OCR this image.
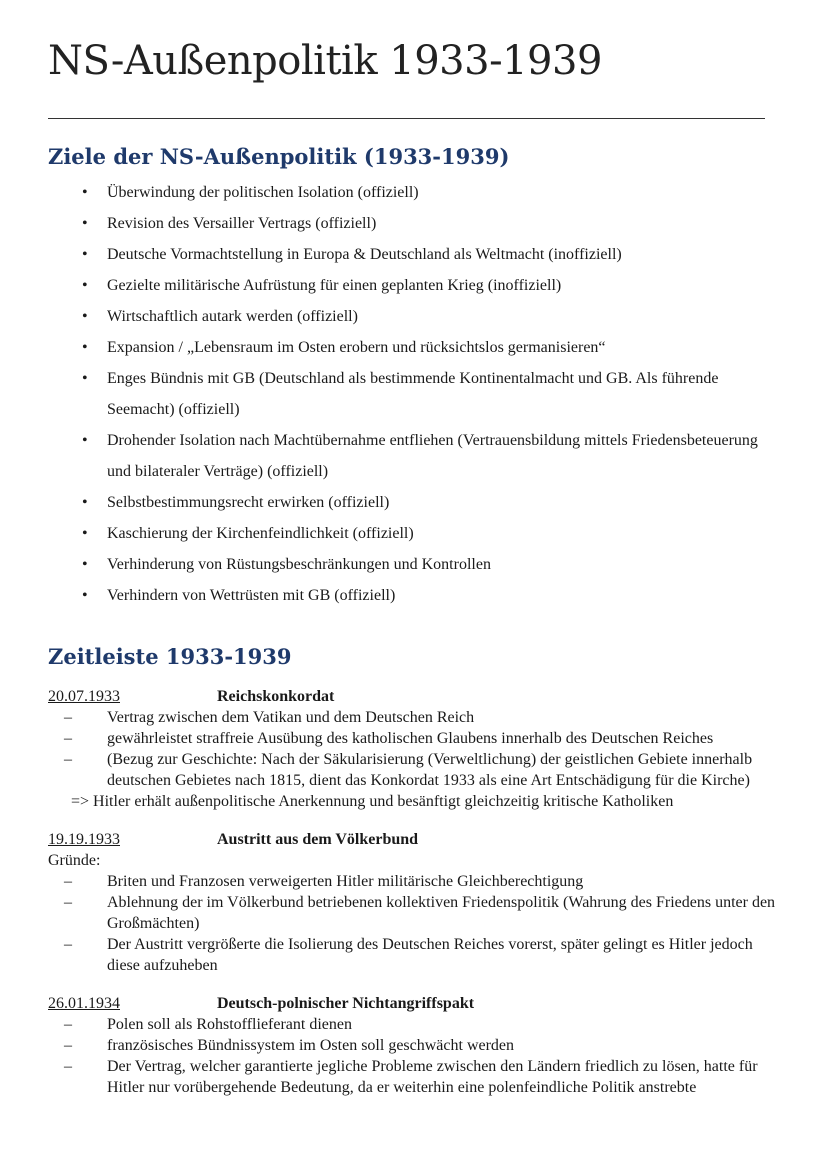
NS-Außenpolitik 1933-1939
Ziele der NS-Außenpolitik (1933-1939)
• Überwindung der politischen Isolation (offiziell)
• Revision des Versailler Vertrags (offiziell)
• Deutsche Vormachtstellung in Europa & Deutschland als Weltmacht (inoffiziell)
• Gezielte militärische Aufrüstung für einen geplanten Krieg (inoffiziell)
• Wirtschaftlich autark werden (offiziell)
• Expansion / „Lebensraum im Osten erobern und rücksichtslos germanisieren“
• Enges Bündnis mit GB (Deutschland als bestimmende Kontinentalmacht und GB. Als führende Seemacht) (offiziell)
• Drohender Isolation nach Machtübernahme entfliehen (Vertrauensbildung mittels Friedensbeteuerung und bilateraler Verträge) (offiziell)
• Selbstbestimmungsrecht erwirken (offiziell)
• Kaschierung der Kirchenfeindlichkeit (offiziell)
• Verhinderung von Rüstungsbeschränkungen und Kontrollen
• Verhindern von Wettrüsten mit GB (offiziell)
Zeitleiste 1933-1939
20.07.1933	Reichskonkordat
– Vertrag zwischen dem Vatikan und dem Deutschen Reich
– gewährleistet straffreie Ausübung des katholischen Glaubens innerhalb des Deutschen Reiches
– (Bezug zur Geschichte: Nach der Säkularisierung (Verweltlichung) der geistlichen Gebiete innerhalb deutschen Gebietes nach 1815, dient das Konkordat 1933 als eine Art Entschädigung für die Kirche)
=> Hitler erhält außenpolitische Anerkennung und besänftigt gleichzeitig kritische Katholiken
19.19.1933	Austritt aus dem Völkerbund
Gründe:
– Briten und Franzosen verweigerten Hitler militärische Gleichberechtigung
– Ablehnung der im Völkerbund betriebenen kollektiven Friedenspolitik (Wahrung des Friedens unter den Großmächten)
– Der Austritt vergrößerte die Isolierung des Deutschen Reiches vorerst, später gelingt es Hitler jedoch diese aufzuheben
26.01.1934	Deutsch-polnischer Nichtangriffspakt
– Polen soll als Rohstofflieferant dienen
– französisches Bündnissystem im Osten soll geschwächt werden
– Der Vertrag, welcher garantierte jegliche Probleme zwischen den Ländern friedlich zu lösen, hatte für Hitler nur vorübergehende Bedeutung, da er weiterhin eine polenfeindliche Politik anstrebte
